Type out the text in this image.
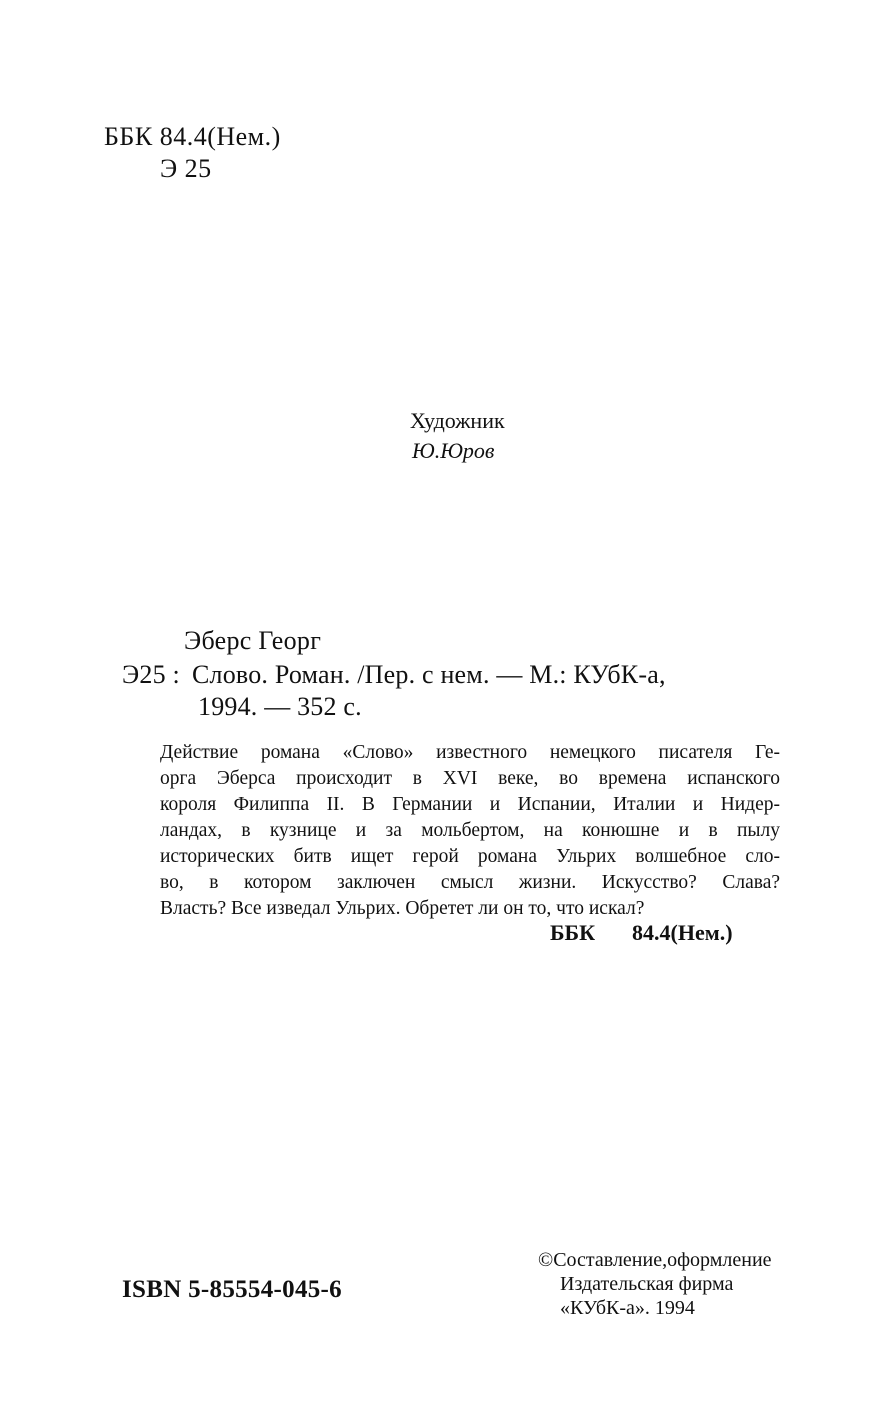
ББК 84.4(Нем.)
Э 25
Художник
Ю.Юров
Эберс Георг
Э25 : Слово. Роман. /Пер. с нем. — М.: КУбК-а,
1994. — 352 с.
Действие романа «Слово» известного немецкого писателя Ге-
орга Эберса происходит в XVI веке, во времена испанского
короля Филиппа II. В Германии и Испании, Италии и Нидер-
ландах, в кузнице и за мольбертом, на конюшне и в пылу
исторических битв ищет герой романа Ульрих волшебное сло-
во, в котором заключен смысл жизни. Искусство? Слава?
Власть? Все изведал Ульрих. Обретет ли он то, что искал?
ББК 84.4(Нем.)
ISBN 5-85554-045-6
©Составление,оформление
Издательская фирма
«КУбК-а». 1994
